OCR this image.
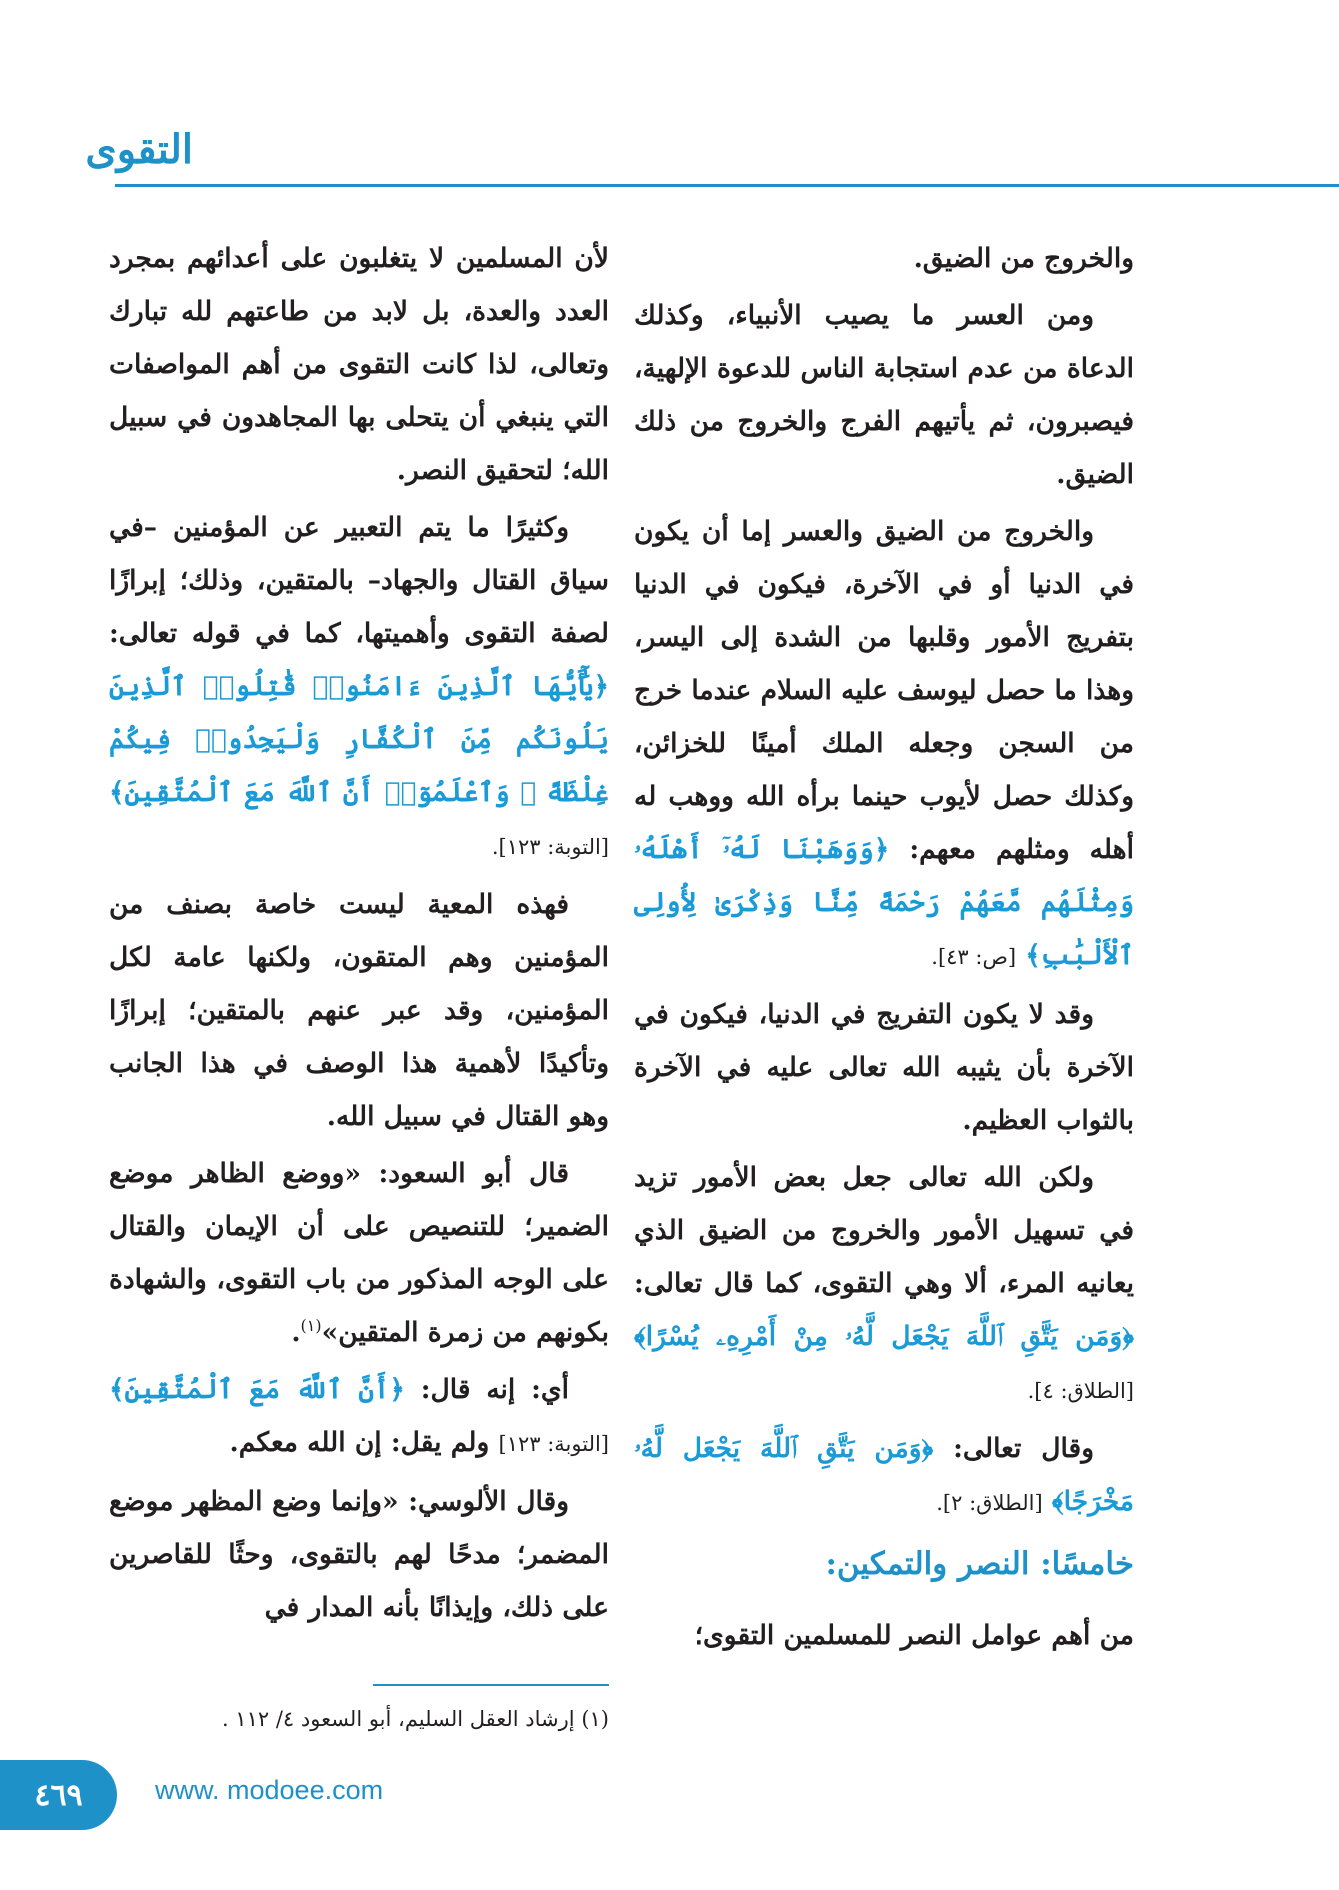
التقوى

والخروج من الضيق.

ومن العسر ما يصيب الأنبياء، وكذلك الدعاة من عدم استجابة الناس للدعوة الإلهية، فيصبرون، ثم يأتيهم الفرج والخروج من ذلك الضيق.

والخروج من الضيق والعسر إما أن يكون في الدنيا أو في الآخرة، فيكون في الدنيا بتفريج الأمور وقلبها من الشدة إلى اليسر، وهذا ما حصل ليوسف عليه السلام عندما خرج من السجن وجعله الملك أمينًا للخزائن، وكذلك حصل لأيوب حينما برأه الله ووهب له أهله ومثلهم معهم: ﴿وَوَهَبْنَا لَهُۥٓ أَهْلَهُۥ وَمِثْلَهُم مَّعَهُمْ رَحْمَةً مِّنَّا وَذِكْرَىٰ لِأُولِى ٱلْأَلْبَٰبِ﴾ [ص: ٤٣].

وقد لا يكون التفريج في الدنيا، فيكون في الآخرة بأن يثيبه الله تعالى عليه في الآخرة بالثواب العظيم.

ولكن الله تعالى جعل بعض الأمور تزيد في تسهيل الأمور والخروج من الضيق الذي يعانيه المرء، ألا وهي التقوى، كما قال تعالى: ﴿وَمَن يَتَّقِ ٱللَّهَ يَجْعَل لَّهُۥ مِنْ أَمْرِهِۦ يُسْرًا﴾ [الطلاق: ٤].

وقال تعالى: ﴿وَمَن يَتَّقِ ٱللَّهَ يَجْعَل لَّهُۥ مَخْرَجًا﴾ [الطلاق: ٢].

خامسًا: النصر والتمكين:

من أهم عوامل النصر للمسلمين التقوى؛

لأن المسلمين لا يتغلبون على أعدائهم بمجرد العدد والعدة، بل لابد من طاعتهم لله تبارك وتعالى، لذا كانت التقوى من أهم المواصفات التي ينبغي أن يتحلى بها المجاهدون في سبيل الله؛ لتحقيق النصر.

وكثيرًا ما يتم التعبير عن المؤمنين –في سياق القتال والجهاد– بالمتقين، وذلك؛ إبرازًا لصفة التقوى وأهميتها، كما في قوله تعالى: ﴿يَٰٓأَيُّهَا ٱلَّذِينَ ءَامَنُوا۟ قَٰتِلُوا۟ ٱلَّذِينَ يَلُونَكُم مِّنَ ٱلْكُفَّارِ وَلْيَجِدُوا۟ فِيكُمْ غِلْظَةً ۚ وَٱعْلَمُوٓا۟ أَنَّ ٱللَّهَ مَعَ ٱلْمُتَّقِينَ﴾ [التوبة: ١٢٣].

فهذه المعية ليست خاصة بصنف من المؤمنين وهم المتقون، ولكنها عامة لكل المؤمنين، وقد عبر عنهم بالمتقين؛ إبرازًا وتأكيدًا لأهمية هذا الوصف في هذا الجانب وهو القتال في سبيل الله.

قال أبو السعود: «ووضع الظاهر موضع الضمير؛ للتنصيص على أن الإيمان والقتال على الوجه المذكور من باب التقوى، والشهادة بكونهم من زمرة المتقين»$^{(١)}$.

أي: إنه قال: ﴿أَنَّ ٱللَّهَ مَعَ ٱلْمُتَّقِينَ﴾ [التوبة: ١٢٣] ولم يقل: إن الله معكم.

وقال الألوسي: «وإنما وضع المظهر موضع المضمر؛ مدحًا لهم بالتقوى، وحثًا للقاصرين على ذلك، وإيذانًا بأنه المدار في

(١) إرشاد العقل السليم، أبو السعود ٤/ ١١٢ .
٤٦٩	www. modoee.com
